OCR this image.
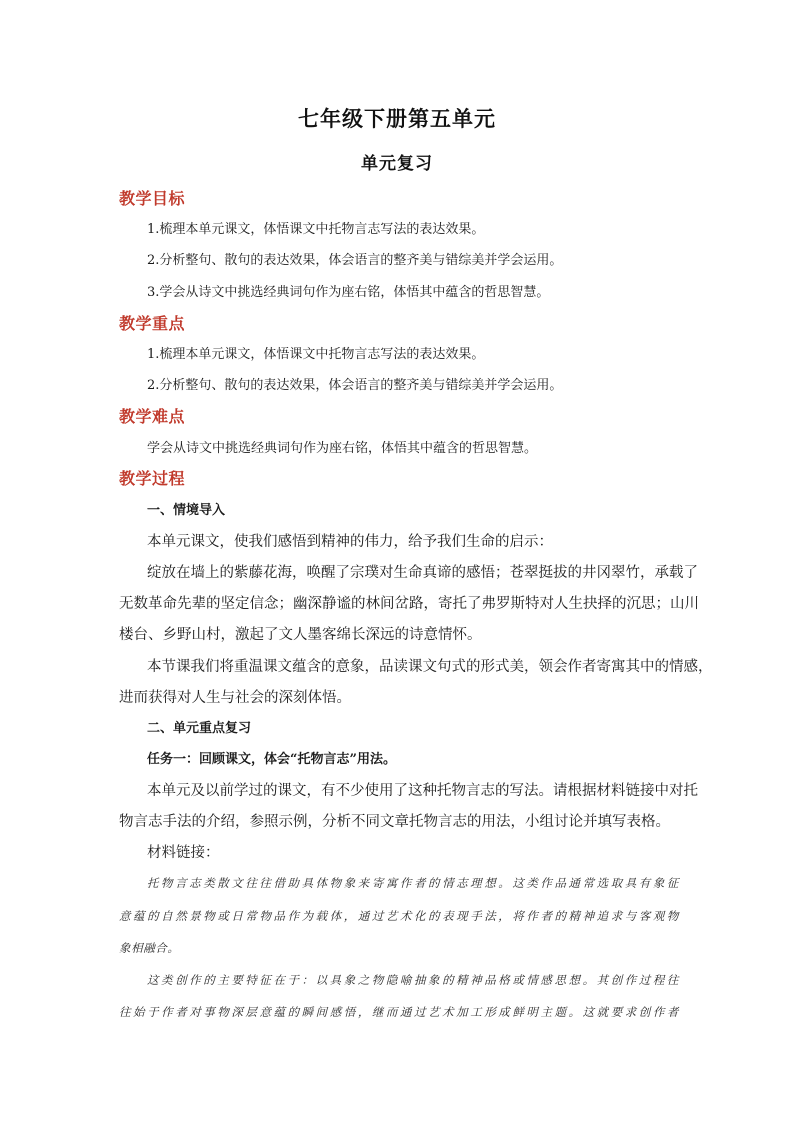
七年级下册第五单元
单元复习
教学目标
1.梳理本单元课文，体悟课文中托物言志写法的表达效果。
2.分析整句、散句的表达效果，体会语言的整齐美与错综美并学会运用。
3.学会从诗文中挑选经典词句作为座右铭，体悟其中蕴含的哲思智慧。
教学重点
1.梳理本单元课文，体悟课文中托物言志写法的表达效果。
2.分析整句、散句的表达效果，体会语言的整齐美与错综美并学会运用。
教学难点
学会从诗文中挑选经典词句作为座右铭，体悟其中蕴含的哲思智慧。
教学过程
一、情境导入
本单元课文，使我们感悟到精神的伟力，给予我们生命的启示：
绽放在墙上的紫藤花海，唤醒了宗璞对生命真谛的感悟；苍翠挺拔的井冈翠竹，承载了
无数革命先辈的坚定信念；幽深静谧的林间岔路，寄托了弗罗斯特对人生抉择的沉思；山川
楼台、乡野山村，激起了文人墨客绵长深远的诗意情怀。
本节课我们将重温课文蕴含的意象，品读课文句式的形式美，领会作者寄寓其中的情感，
进而获得对人生与社会的深刻体悟。
二、单元重点复习
任务一：回顾课文，体会“托物言志”用法。
本单元及以前学过的课文，有不少使用了这种托物言志的写法。请根据材料链接中对托
物言志手法的介绍，参照示例，分析不同文章托物言志的用法，小组讨论并填写表格。
材料链接：
托物言志类散文往往借助具体物象来寄寓作者的情志理想。这类作品通常选取具有象征
意蕴的自然景物或日常物品作为载体，通过艺术化的表现手法，将作者的精神追求与客观物
象相融合。
这类创作的主要特征在于：以具象之物隐喻抽象的精神品格或情感思想。其创作过程往
往始于作者对事物深层意蕴的瞬间感悟，继而通过艺术加工形成鲜明主题。这就要求创作者
